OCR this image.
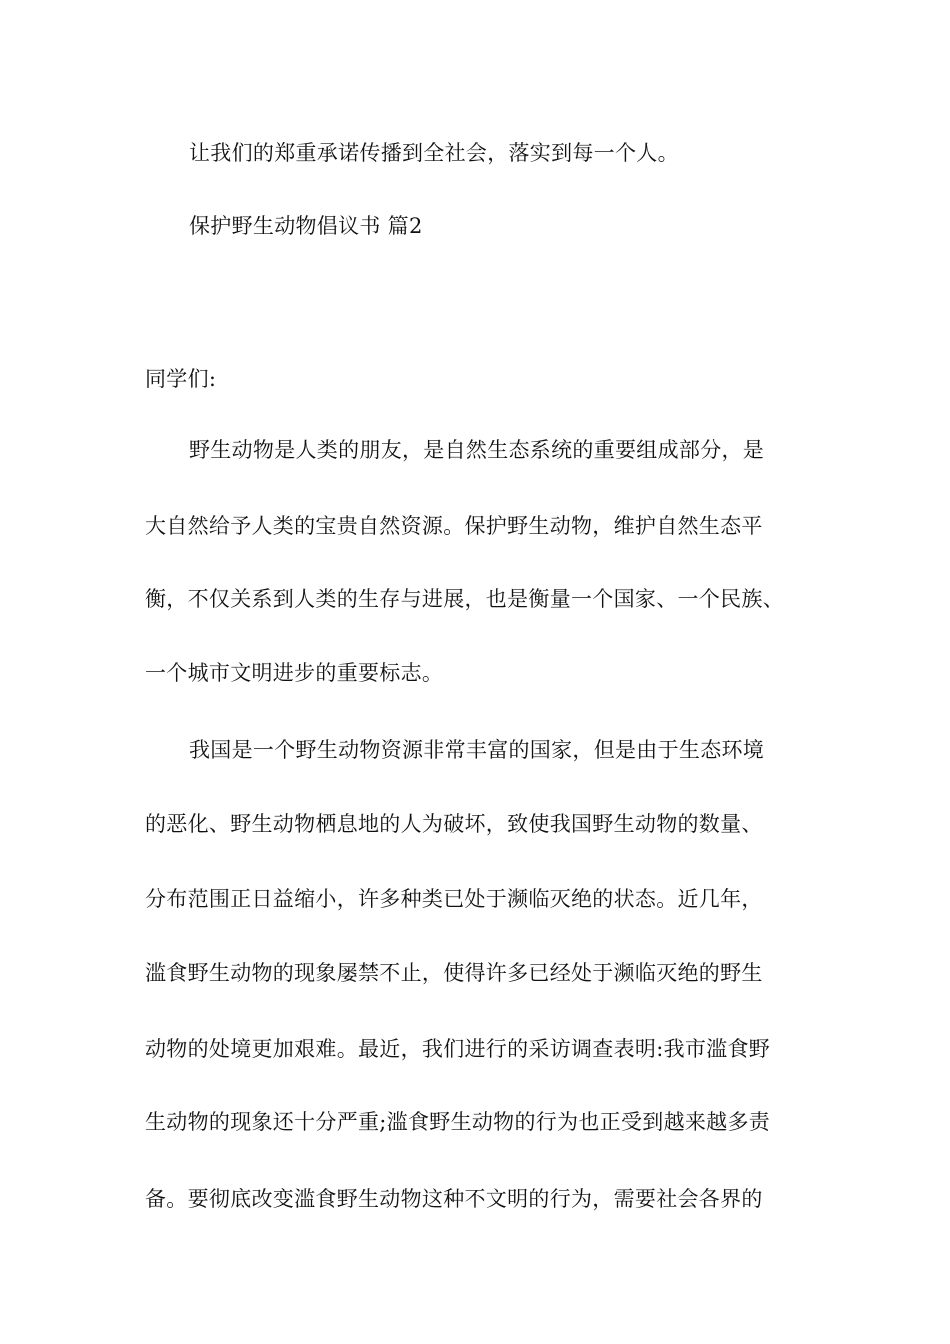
让我们的郑重承诺传播到全社会，落实到每一个人。
保护野生动物倡议书 篇2
同学们:
野生动物是人类的朋友，是自然生态系统的重要组成部分，是
大自然给予人类的宝贵自然资源。保护野生动物，维护自然生态平
衡，不仅关系到人类的生存与进展，也是衡量一个国家、一个民族、
一个城市文明进步的重要标志。
我国是一个野生动物资源非常丰富的国家，但是由于生态环境
的恶化、野生动物栖息地的人为破坏，致使我国野生动物的数量、
分布范围正日益缩小，许多种类已处于濒临灭绝的状态。近几年，
滥食野生动物的现象屡禁不止，使得许多已经处于濒临灭绝的野生
动物的处境更加艰难。最近，我们进行的采访调查表明:我市滥食野
生动物的现象还十分严重;滥食野生动物的行为也正受到越来越多责
备。要彻底改变滥食野生动物这种不文明的行为，需要社会各界的
